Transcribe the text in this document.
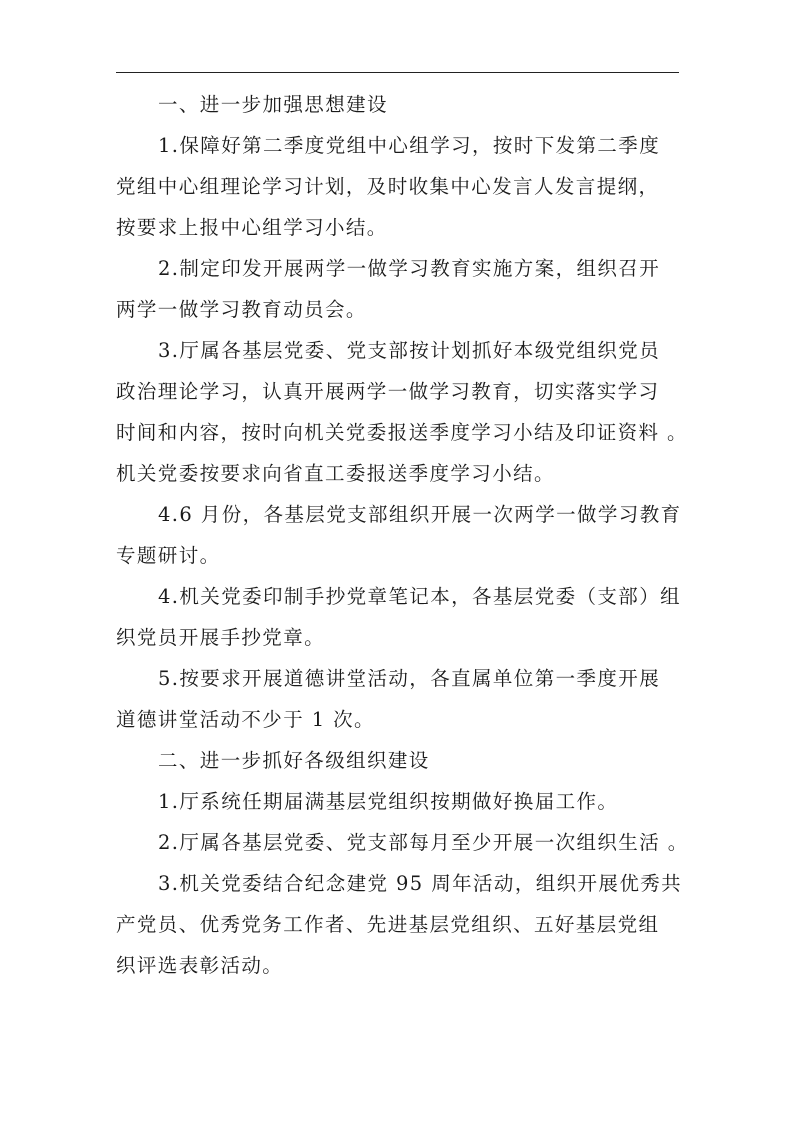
一、进一步加强思想建设

1.保障好第二季度党组中心组学习，按时下发第二季度
党组中心组理论学习计划，及时收集中心发言人发言提纲，
按要求上报中心组学习小结。

2.制定印发开展两学一做学习教育实施方案，组织召开
两学一做学习教育动员会。

3.厅属各基层党委、党支部按计划抓好本级党组织党员
政治理论学习，认真开展两学一做学习教育，切实落实学习
时间和内容，按时向机关党委报送季度学习小结及印证资料 。
机关党委按要求向省直工委报送季度学习小结。

4.6 月份，各基层党支部组织开展一次两学一做学习教育
专题研讨。

4.机关党委印制手抄党章笔记本，各基层党委（支部）组
织党员开展手抄党章。

5.按要求开展道德讲堂活动，各直属单位第一季度开展
道德讲堂活动不少于 1 次。

二、进一步抓好各级组织建设

1.厅系统任期届满基层党组织按期做好换届工作。

2.厅属各基层党委、党支部每月至少开展一次组织生活 。

3.机关党委结合纪念建党 95 周年活动，组织开展优秀共
产党员、优秀党务工作者、先进基层党组织、五好基层党组
织评选表彰活动。
